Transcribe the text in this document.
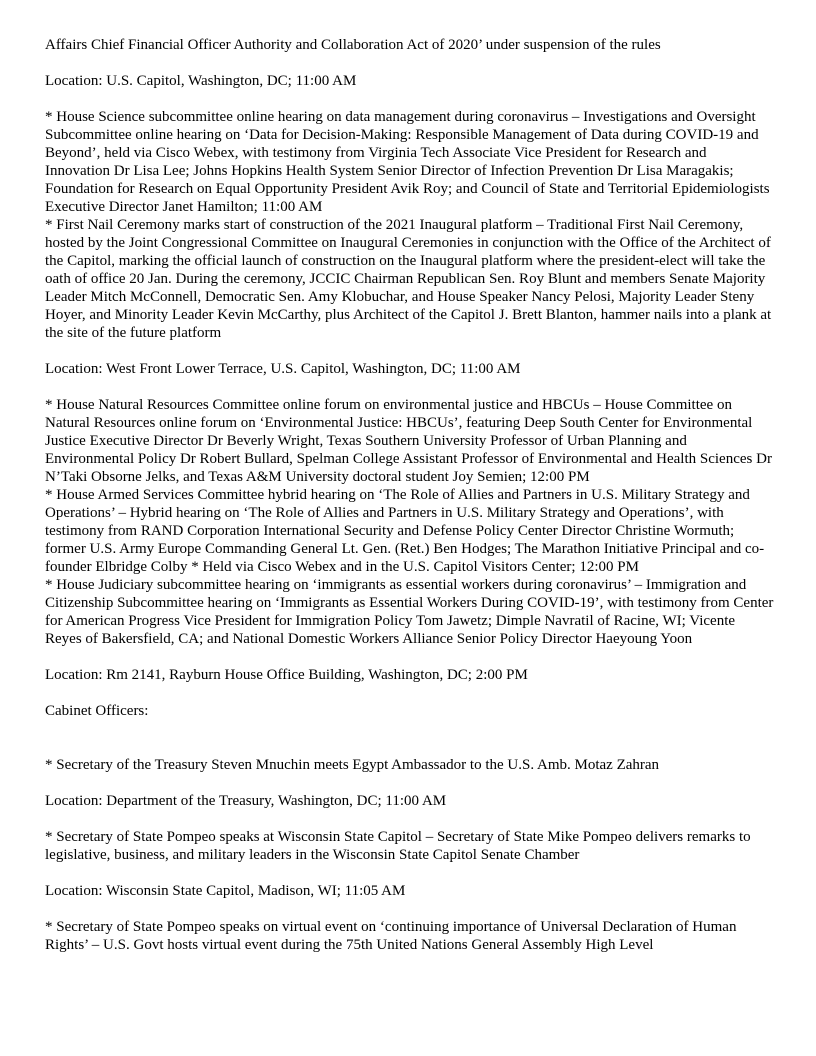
Affairs Chief Financial Officer Authority and Collaboration Act of 2020’ under suspension of the rules

Location: U.S. Capitol, Washington, DC; 11:00 AM

* House Science subcommittee online hearing on data management during coronavirus – Investigations and Oversight Subcommittee online hearing on ‘Data for Decision-Making: Responsible Management of Data during COVID-19 and Beyond’, held via Cisco Webex, with testimony from Virginia Tech Associate Vice President for Research and Innovation Dr Lisa Lee; Johns Hopkins Health System Senior Director of Infection Prevention Dr Lisa Maragakis; Foundation for Research on Equal Opportunity President Avik Roy; and Council of State and Territorial Epidemiologists Executive Director Janet Hamilton; 11:00 AM

* First Nail Ceremony marks start of construction of the 2021 Inaugural platform – Traditional First Nail Ceremony, hosted by the Joint Congressional Committee on Inaugural Ceremonies in conjunction with the Office of the Architect of the Capitol, marking the official launch of construction on the Inaugural platform where the president-elect will take the oath of office 20 Jan. During the ceremony, JCCIC Chairman Republican Sen. Roy Blunt and members Senate Majority Leader Mitch McConnell, Democratic Sen. Amy Klobuchar, and House Speaker Nancy Pelosi, Majority Leader Steny Hoyer, and Minority Leader Kevin McCarthy, plus Architect of the Capitol J. Brett Blanton, hammer nails into a plank at the site of the future platform

Location: West Front Lower Terrace, U.S. Capitol, Washington, DC; 11:00 AM

* House Natural Resources Committee online forum on environmental justice and HBCUs – House Committee on Natural Resources online forum on ‘Environmental Justice: HBCUs’, featuring Deep South Center for Environmental Justice Executive Director Dr Beverly Wright, Texas Southern University Professor of Urban Planning and Environmental Policy Dr Robert Bullard, Spelman College Assistant Professor of Environmental and Health Sciences Dr N’Taki Obsorne Jelks, and Texas A&M University doctoral student Joy Semien; 12:00 PM

* House Armed Services Committee hybrid hearing on ‘The Role of Allies and Partners in U.S. Military Strategy and Operations’ – Hybrid hearing on ‘The Role of Allies and Partners in U.S. Military Strategy and Operations’, with testimony from RAND Corporation International Security and Defense Policy Center Director Christine Wormuth; former U.S. Army Europe Commanding General Lt. Gen. (Ret.) Ben Hodges; The Marathon Initiative Principal and co-founder Elbridge Colby * Held via Cisco Webex and in the U.S. Capitol Visitors Center; 12:00 PM

* House Judiciary subcommittee hearing on ‘immigrants as essential workers during coronavirus’ – Immigration and Citizenship Subcommittee hearing on ‘Immigrants as Essential Workers During COVID-19’, with testimony from Center for American Progress Vice President for Immigration Policy Tom Jawetz; Dimple Navratil of Racine, WI; Vicente Reyes of Bakersfield, CA; and National Domestic Workers Alliance Senior Policy Director Haeyoung Yoon

Location: Rm 2141, Rayburn House Office Building, Washington, DC; 2:00 PM

Cabinet Officers:

* Secretary of the Treasury Steven Mnuchin meets Egypt Ambassador to the U.S. Amb. Motaz Zahran

Location: Department of the Treasury, Washington, DC; 11:00 AM

* Secretary of State Pompeo speaks at Wisconsin State Capitol – Secretary of State Mike Pompeo delivers remarks to legislative, business, and military leaders in the Wisconsin State Capitol Senate Chamber

Location: Wisconsin State Capitol, Madison, WI; 11:05 AM

* Secretary of State Pompeo speaks on virtual event on ‘continuing importance of Universal Declaration of Human Rights’ – U.S. Govt hosts virtual event during the 75th United Nations General Assembly High Level
